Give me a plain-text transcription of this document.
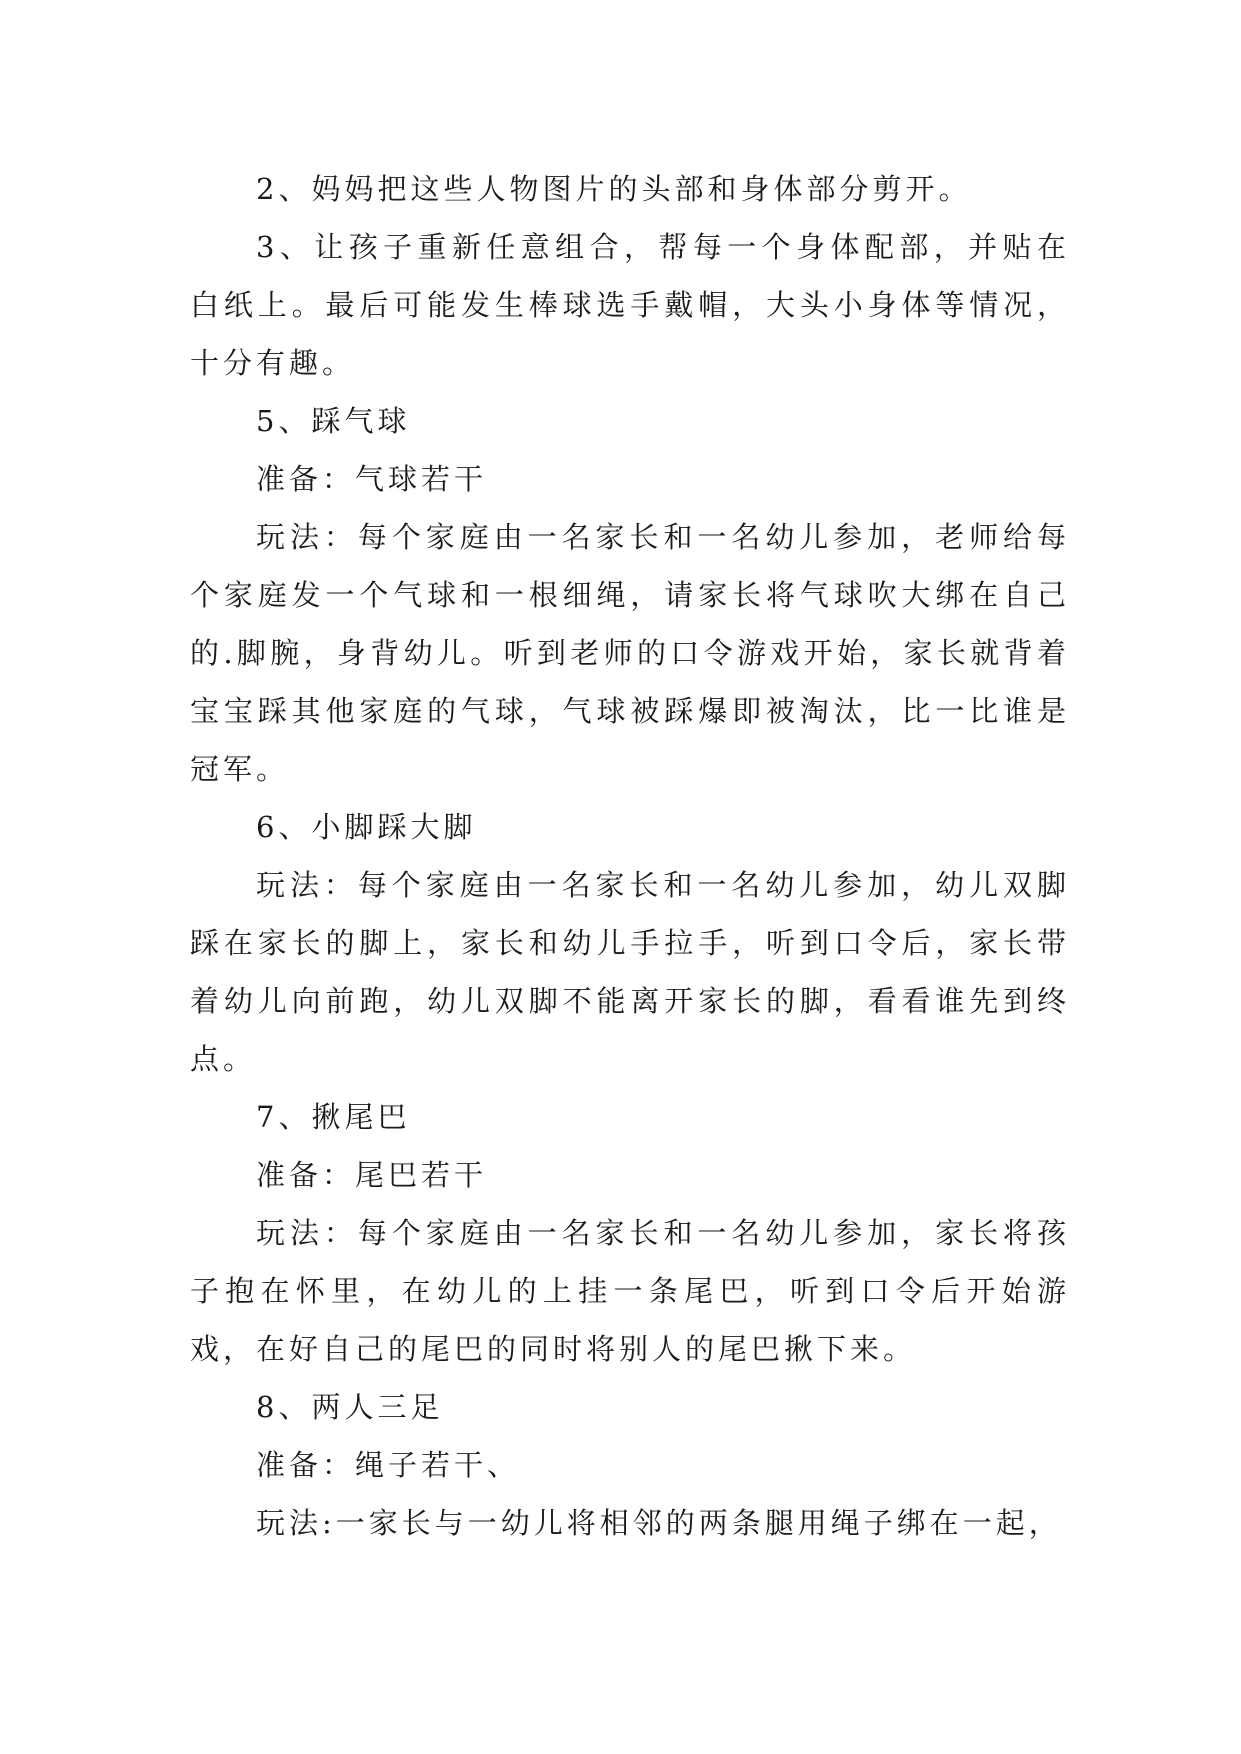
2、妈妈把这些人物图片的头部和身体部分剪开。

3、让孩子重新任意组合，帮每一个身体配部，并贴在白纸上。最后可能发生棒球选手戴帽，大头小身体等情况，十分有趣。

5、踩气球

准备：气球若干

玩法：每个家庭由一名家长和一名幼儿参加，老师给每个家庭发一个气球和一根细绳，请家长将气球吹大绑在自己的.脚腕，身背幼儿。听到老师的口令游戏开始，家长就背着宝宝踩其他家庭的气球，气球被踩爆即被淘汰，比一比谁是冠军。

6、小脚踩大脚

玩法：每个家庭由一名家长和一名幼儿参加，幼儿双脚踩在家长的脚上，家长和幼儿手拉手，听到口令后，家长带着幼儿向前跑，幼儿双脚不能离开家长的脚，看看谁先到终点。

7、揪尾巴

准备：尾巴若干

玩法：每个家庭由一名家长和一名幼儿参加，家长将孩子抱在怀里，在幼儿的上挂一条尾巴，听到口令后开始游戏，在好自己的尾巴的同时将别人的尾巴揪下来。

8、两人三足

准备：绳子若干、

玩法:一家长与一幼儿将相邻的两条腿用绳子绑在一起，
